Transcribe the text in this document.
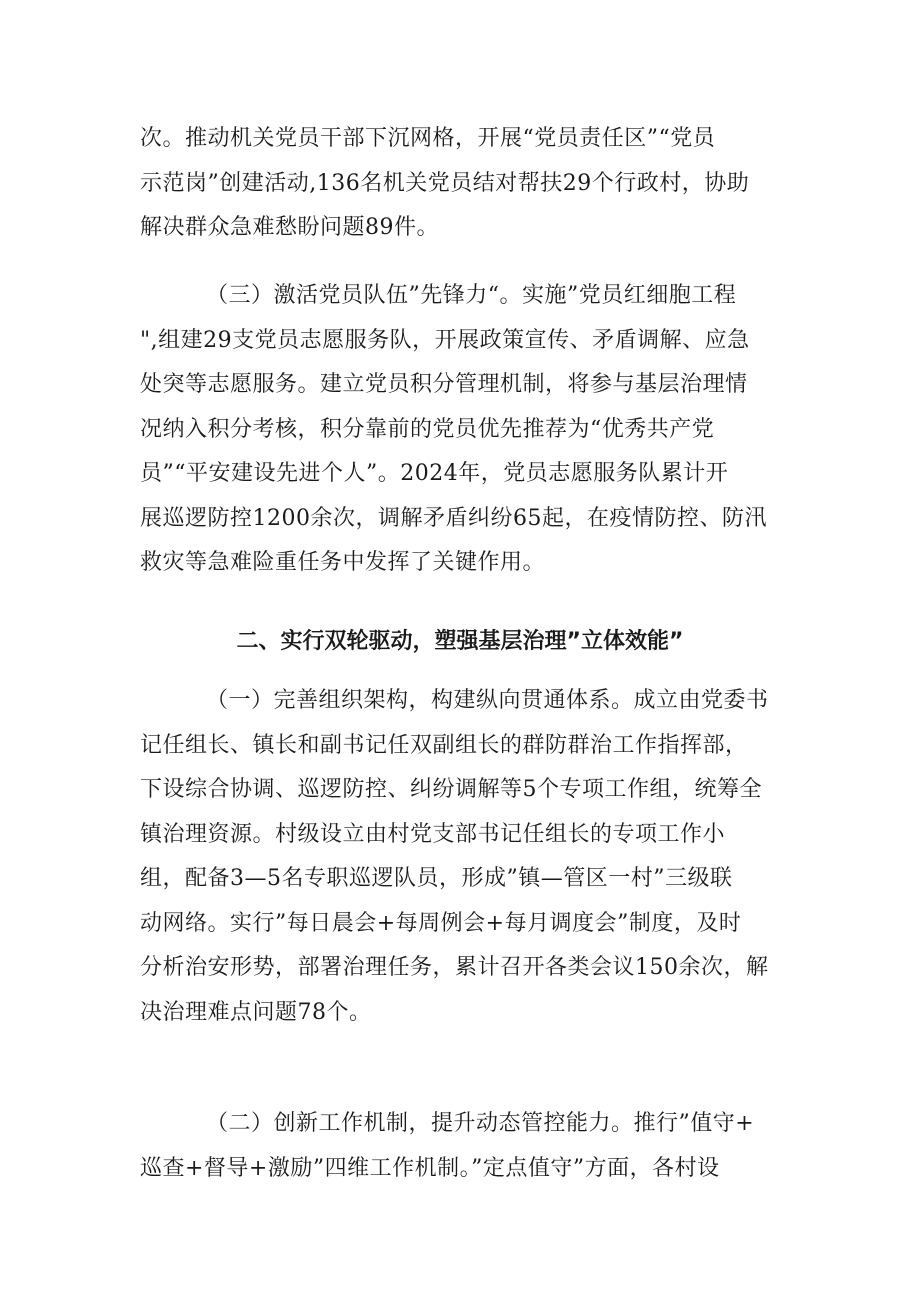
次。推动机关党员干部下沉网格，开展“党员责任区”“党员
示范岗”创建活动,136名机关党员结对帮扶29个行政村，协助
解决群众急难愁盼问题89件。
（三）激活党员队伍”先锋力“。实施”党员红细胞工程
",组建29支党员志愿服务队，开展政策宣传、矛盾调解、应急
处突等志愿服务。建立党员积分管理机制，将参与基层治理情
况纳入积分考核，积分靠前的党员优先推荐为“优秀共产党
员”“平安建设先进个人”。2024年，党员志愿服务队累计开
展巡逻防控1200余次，调解矛盾纠纷65起，在疫情防控、防汛
救灾等急难险重任务中发挥了关键作用。
二、实行双轮驱动，塑强基层治理”立体效能”
（一）完善组织架构，构建纵向贯通体系。成立由党委书
记任组长、镇长和副书记任双副组长的群防群治工作指挥部，
下设综合协调、巡逻防控、纠纷调解等5个专项工作组，统筹全
镇治理资源。村级设立由村党支部书记任组长的专项工作小
组，配备3—5名专职巡逻队员，形成”镇—管区一村”三级联
动网络。实行”每日晨会+每周例会+每月调度会”制度，及时
分析治安形势，部署治理任务，累计召开各类会议150余次，解
决治理难点问题78个。
（二）创新工作机制，提升动态管控能力。推行”值守+
巡查+督导+激励”四维工作机制。”定点值守”方面，各村设
